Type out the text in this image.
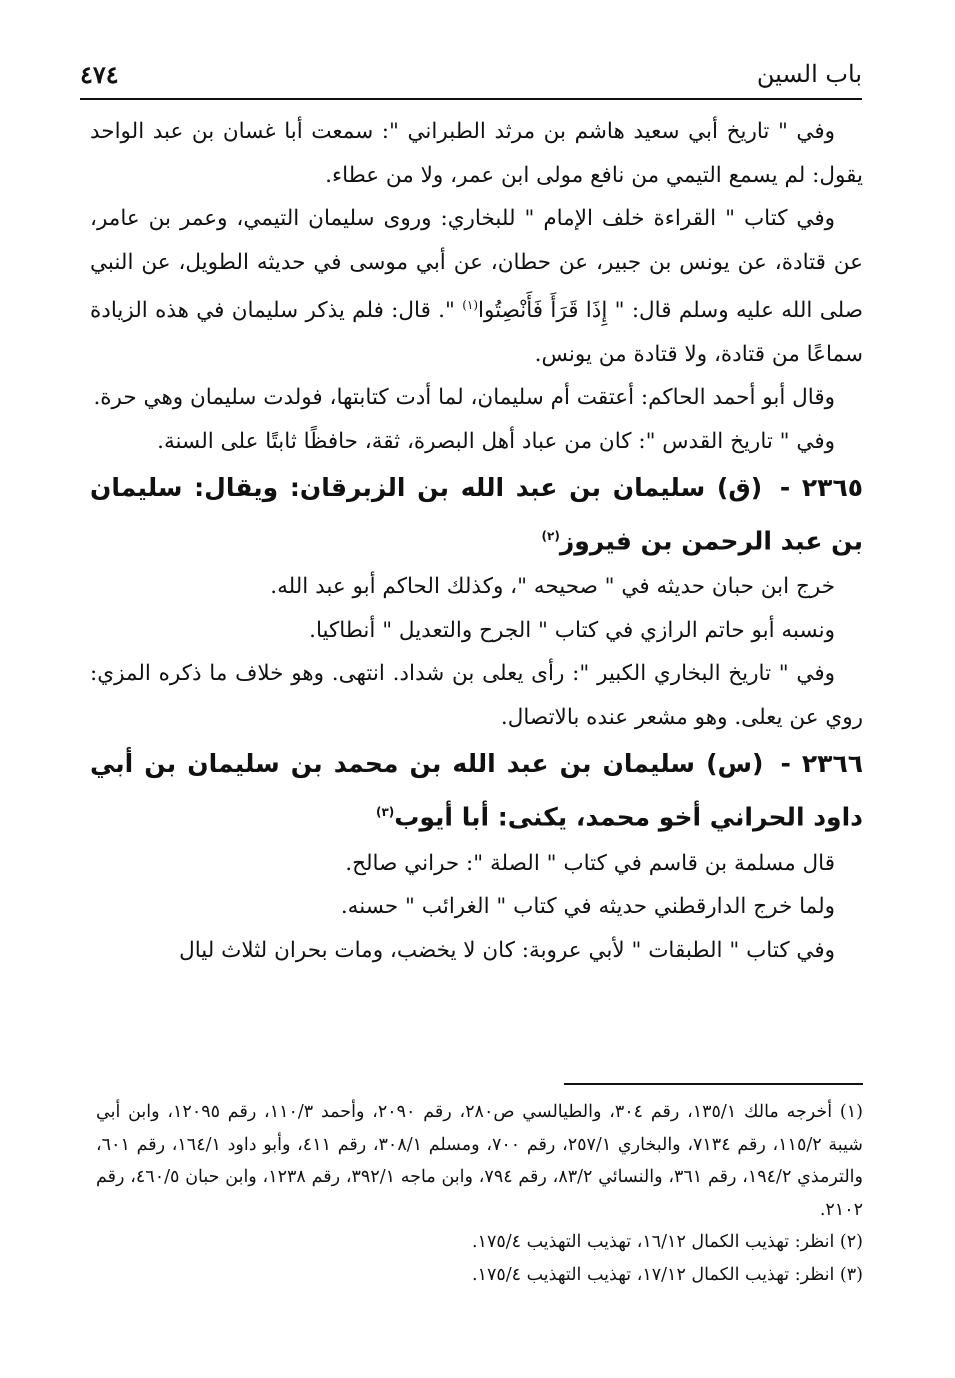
باب السين
٤٧٤

وفي " تاريخ أبي سعيد هاشم بن مرثد الطبراني ": سمعت أبا غسان بن عبد الواحد يقول: لم يسمع التيمي من نافع مولى ابن عمر، ولا من عطاء.

وفي كتاب " القراءة خلف الإمام " للبخاري: وروى سليمان التيمي، وعمر بن عامر، عن قتادة، عن يونس بن جبير، عن حطان، عن أبي موسى في حديثه الطويل، عن النبي صلى الله عليه وسلم قال: " إِذَا قَرَأَ فَأَنْصِتُوا$^{(١)}$ ". قال: فلم يذكر سليمان في هذه الزيادة سماعًا من قتادة، ولا قتادة من يونس.

وقال أبو أحمد الحاكم: أعتقت أم سليمان، لما أدت كتابتها، فولدت سليمان وهي حرة.

وفي " تاريخ القدس ": كان من عباد أهل البصرة، ثقة، حافظًا ثابتًا على السنة.

٢٣٦٥ - (ق) سليمان بن عبد الله بن الزبرقان: ويقال: سليمان بن عبد الرحمن بن فيروز$^{(٢)}$

خرج ابن حبان حديثه في " صحيحه "، وكذلك الحاكم أبو عبد الله.

ونسبه أبو حاتم الرازي في كتاب " الجرح والتعديل " أنطاكيا.

وفي " تاريخ البخاري الكبير ": رأى يعلى بن شداد. انتهى. وهو خلاف ما ذكره المزي: روي عن يعلى. وهو مشعر عنده بالاتصال.

٢٣٦٦ - (س) سليمان بن عبد الله بن محمد بن سليمان بن أبي داود الحراني أخو محمد، يكنى: أبا أيوب$^{(٣)}$

قال مسلمة بن قاسم في كتاب " الصلة ": حراني صالح.

ولما خرج الدارقطني حديثه في كتاب " الغرائب " حسنه.

وفي كتاب " الطبقات " لأبي عروبة: كان لا يخضب، ومات بحران لثلاث ليال

(١) أخرجه مالك ١٣٥/١، رقم ٣٠٤، والطيالسي ص٢٨٠، رقم ٢٠٩٠، وأحمد ١١٠/٣، رقم ١٢٠٩٥، وابن أبي شيبة ١١٥/٢، رقم ٧١٣٤، والبخاري ٢٥٧/١، رقم ٧٠٠، ومسلم ٣٠٨/١، رقم ٤١١، وأبو داود ١٦٤/١، رقم ٦٠١، والترمذي ١٩٤/٢، رقم ٣٦١، والنسائي ٨٣/٢، رقم ٧٩٤، وابن ماجه ٣٩٢/١، رقم ١٢٣٨، وابن حبان ٤٦٠/٥، رقم ٢١٠٢.

(٢) انظر: تهذيب الكمال ١٦/١٢، تهذيب التهذيب ١٧٥/٤.

(٣) انظر: تهذيب الكمال ١٧/١٢، تهذيب التهذيب ١٧٥/٤.
